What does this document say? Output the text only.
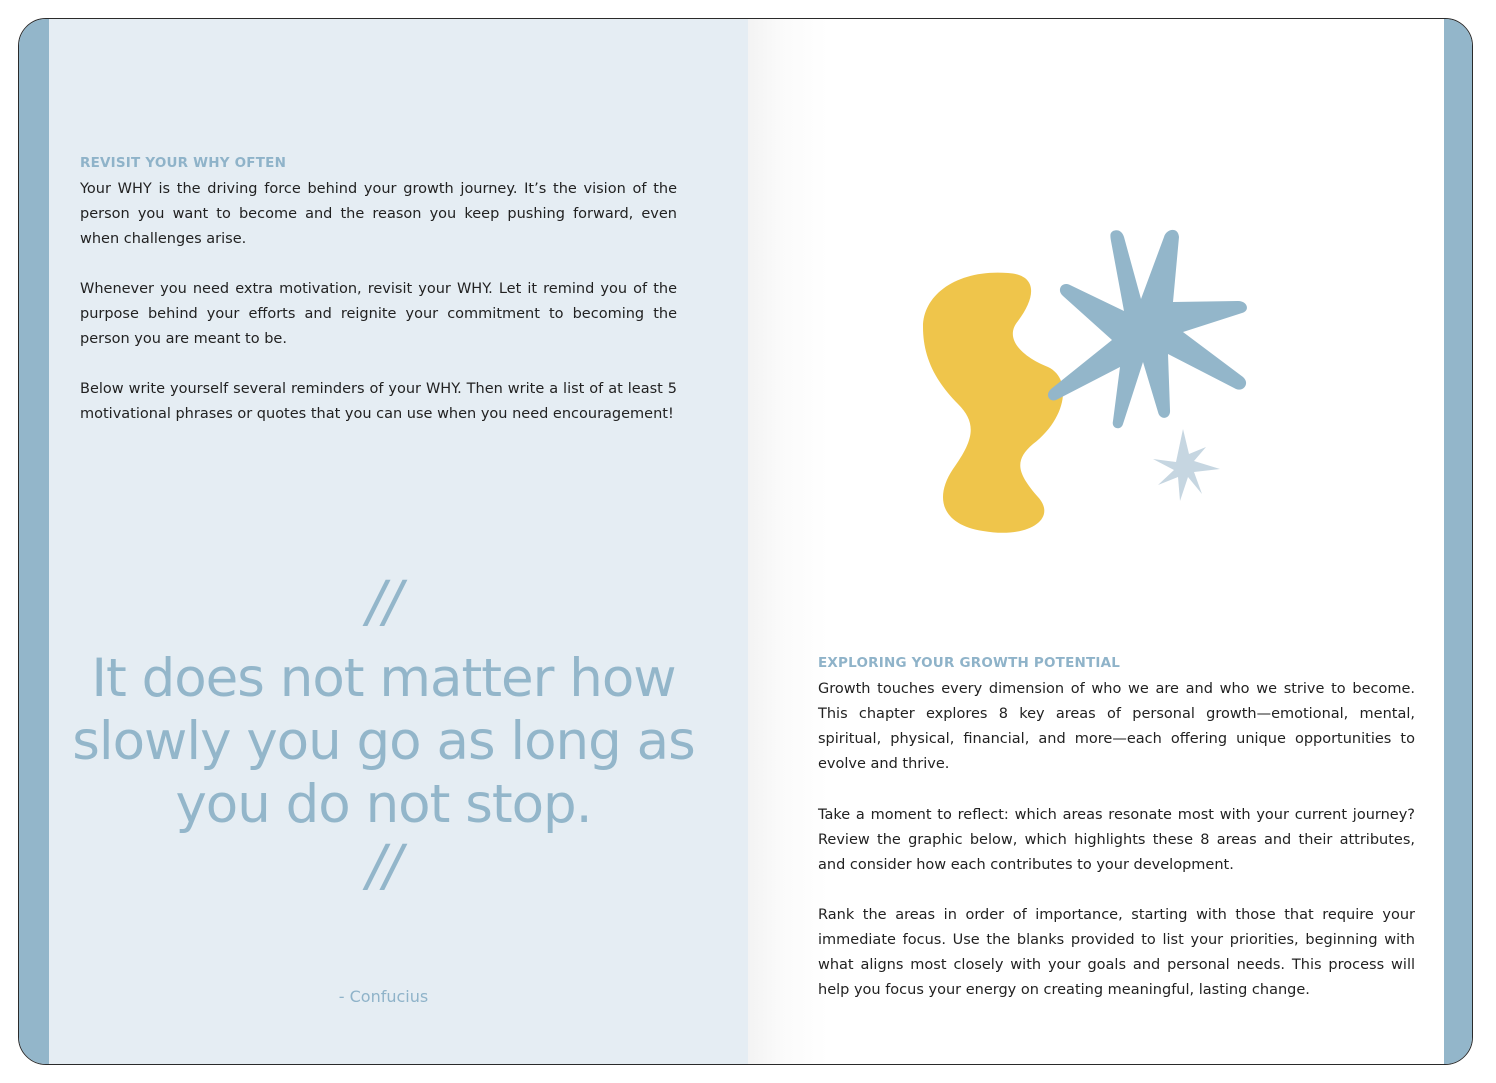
REVISIT YOUR WHY OFTEN

Your WHY is the driving force behind your growth journey. It’s the vision of the person you want to become and the reason you keep pushing forward, even when challenges arise.

Whenever you need extra motivation, revisit your WHY. Let it remind you of the purpose behind your efforts and reignite your commitment to becoming the person you are meant to be.

Below write yourself several reminders of your WHY. Then write a list of at least 5 motivational phrases or quotes that you can use when you need encouragement!

//

It does not matter how slowly you go as long as you do not stop.

//
- Confucius
EXPLORING YOUR GROWTH POTENTIAL

Growth touches every dimension of who we are and who we strive to become. This chapter explores 8 key areas of personal growth—emotional, mental, spiritual, physical, financial, and more—each offering unique opportunities to evolve and thrive.

Take a moment to reflect: which areas resonate most with your current journey? Review the graphic below, which highlights these 8 areas and their attributes, and consider how each contributes to your development.

Rank the areas in order of importance, starting with those that require your immediate focus. Use the blanks provided to list your priorities, beginning with what aligns most closely with your goals and personal needs. This process will help you focus your energy on creating meaningful, lasting change.
